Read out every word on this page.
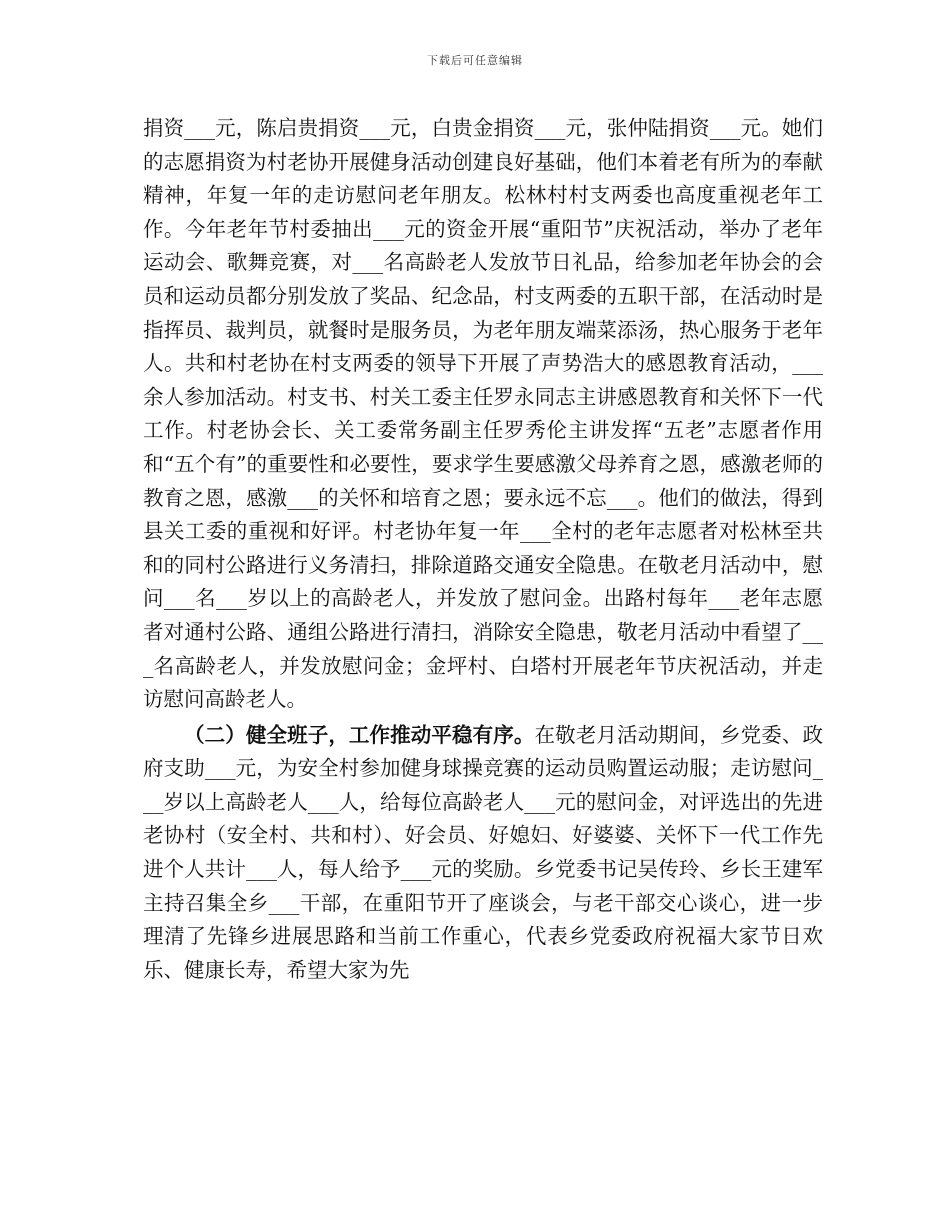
下载后可任意编辑

捐资___元，陈启贵捐资___元，白贵金捐资___元，张仲陆捐资___元。她们的志愿捐资为村老协开展健身活动创建良好基础，他们本着老有所为的奉献精神，年复一年的走访慰问老年朋友。松林村村支两委也高度重视老年工作。今年老年节村委抽出___元的资金开展“重阳节”庆祝活动，举办了老年运动会、歌舞竞赛，对___名高龄老人发放节日礼品，给参加老年协会的会员和运动员都分别发放了奖品、纪念品，村支两委的五职干部，在活动时是指挥员、裁判员，就餐时是服务员，为老年朋友端菜添汤，热心服务于老年人。共和村老协在村支两委的领导下开展了声势浩大的感恩教育活动，___余人参加活动。村支书、村关工委主任罗永同志主讲感恩教育和关怀下一代工作。村老协会长、关工委常务副主任罗秀伦主讲发挥“五老”志愿者作用和“五个有”的重要性和必要性，要求学生要感激父母养育之恩，感激老师的教育之恩，感激___的关怀和培育之恩；要永远不忘___。他们的做法，得到县关工委的重视和好评。村老协年复一年___全村的老年志愿者对松林至共和的同村公路进行义务清扫，排除道路交通安全隐患。在敬老月活动中，慰问___名___岁以上的高龄老人，并发放了慰问金。出路村每年___老年志愿者对通村公路、通组公路进行清扫，消除安全隐患，敬老月活动中看望了___名高龄老人，并发放慰问金；金坪村、白塔村开展老年节庆祝活动，并走访慰问高龄老人。

（二）健全班子，工作推动平稳有序。在敬老月活动期间，乡党委、政府支助___元，为安全村参加健身球操竞赛的运动员购置运动服；走访慰问___岁以上高龄老人___人，给每位高龄老人___元的慰问金，对评选出的先进老协村（安全村、共和村）、好会员、好媳妇、好婆婆、关怀下一代工作先进个人共计___人，每人给予___元的奖励。乡党委书记吴传玲、乡长王建军主持召集全乡___干部，在重阳节开了座谈会，与老干部交心谈心，进一步理清了先锋乡进展思路和当前工作重心，代表乡党委政府祝福大家节日欢乐、健康长寿，希望大家为先
